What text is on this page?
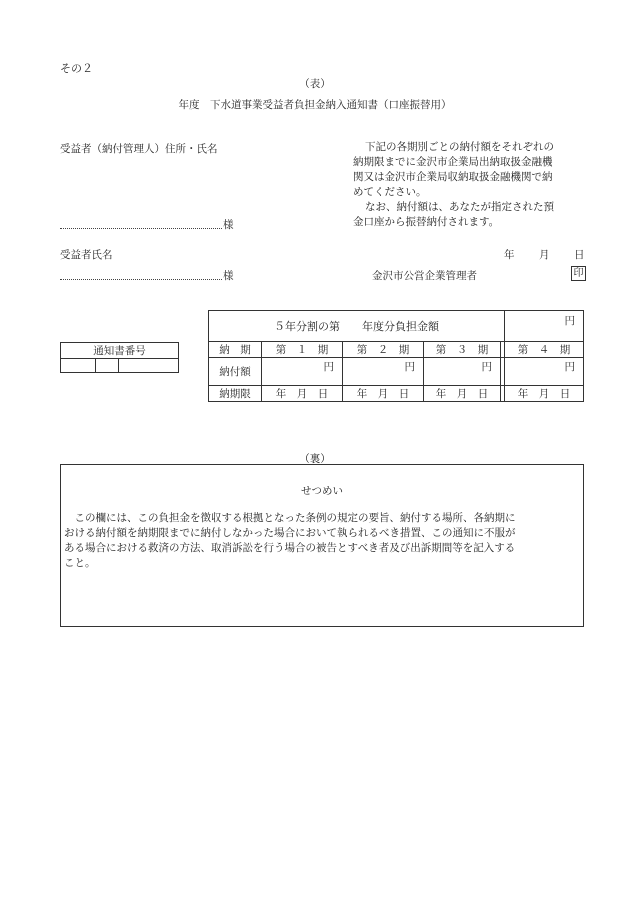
その２
（表）
年度　下水道事業受益者負担金納入通知書（口座振替用）
受益者（納付管理人）住所・氏名
様
受益者氏名
様
下記の各期別ごとの納付額をそれぞれの
納期限までに金沢市企業局出納取扱金融機
関又は金沢市企業局収納取扱金融機関で納
めてください。
なお、納付額は、あなたが指定された預
金口座から振替納付されます。
年 月 日
金沢市公営企業管理者	印
通知書番号

５年分割の第　　年度分負担金額					円
納　期	第　１　期	第　２　期	第　３　期		第　４　期
納付額	円	円	円		円
納期限	年　月　日	年　月　日	年　月　日		年　月　日
（裏）
せつめい
　この欄には、この負担金を徴収する根拠となった条例の規定の要旨、納付する場所、各納期に
おける納付額を納期限までに納付しなかった場合において執られるべき措置、この通知に不服が
ある場合における救済の方法、取消訴訟を行う場合の被告とすべき者及び出訴期間等を記入する
こと。
